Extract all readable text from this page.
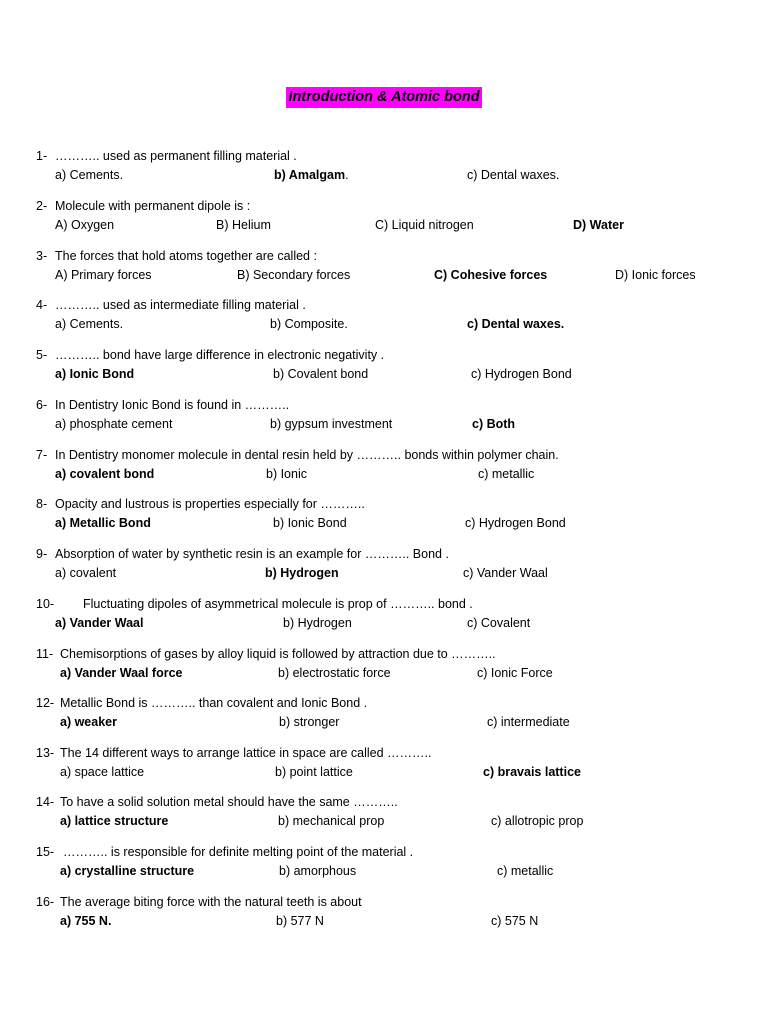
Introduction & Atomic bond
1- ……….. used as permanent filling material .
a) Cements.	b) Amalgam.	c) Dental waxes.
2- Molecule with permanent dipole is :
A) Oxygen	B) Helium	C) Liquid nitrogen	D) Water
3- The forces that hold atoms together are called :
A) Primary forces	B) Secondary forces	C) Cohesive forces	D) Ionic forces
4- ……….. used as intermediate filling material .
a) Cements.	b) Composite.	c) Dental waxes.
5- ……….. bond have large difference in electronic negativity .
a) Ionic Bond	b) Covalent bond	c) Hydrogen Bond
6- In Dentistry Ionic Bond is found in ………..
a) phosphate cement	b) gypsum investment	c) Both
7- In Dentistry monomer molecule in dental resin held by ……….. bonds within polymer chain.
a) covalent bond	b) Ionic	c) metallic
8- Opacity and lustrous is properties especially for ………..
a) Metallic Bond	b) Ionic Bond	c) Hydrogen Bond
9- Absorption of water by synthetic resin is an example for ……….. Bond .
a) covalent	b) Hydrogen	c) Vander Waal
10- Fluctuating dipoles of asymmetrical molecule is prop of ……….. bond .
a) Vander Waal	b) Hydrogen	c) Covalent
11- Chemisorptions of gases by alloy liquid is followed by attraction due to ………..
a) Vander Waal force	b) electrostatic force	c) Ionic Force
12- Metallic Bond is ……….. than covalent and Ionic Bond .
a) weaker	b) stronger	c) intermediate
13- The 14 different ways to arrange lattice in space are called ………..
a) space lattice	b) point lattice	c) bravais lattice
14- To have a solid solution metal should have the same ………..
a) lattice structure	b) mechanical prop	c) allotropic prop
15- ……….. is responsible for definite melting point of the material .
a) crystalline structure	b) amorphous	c) metallic
16- The average biting force with the natural teeth is about
a) 755 N.	b) 577 N	c) 575 N
